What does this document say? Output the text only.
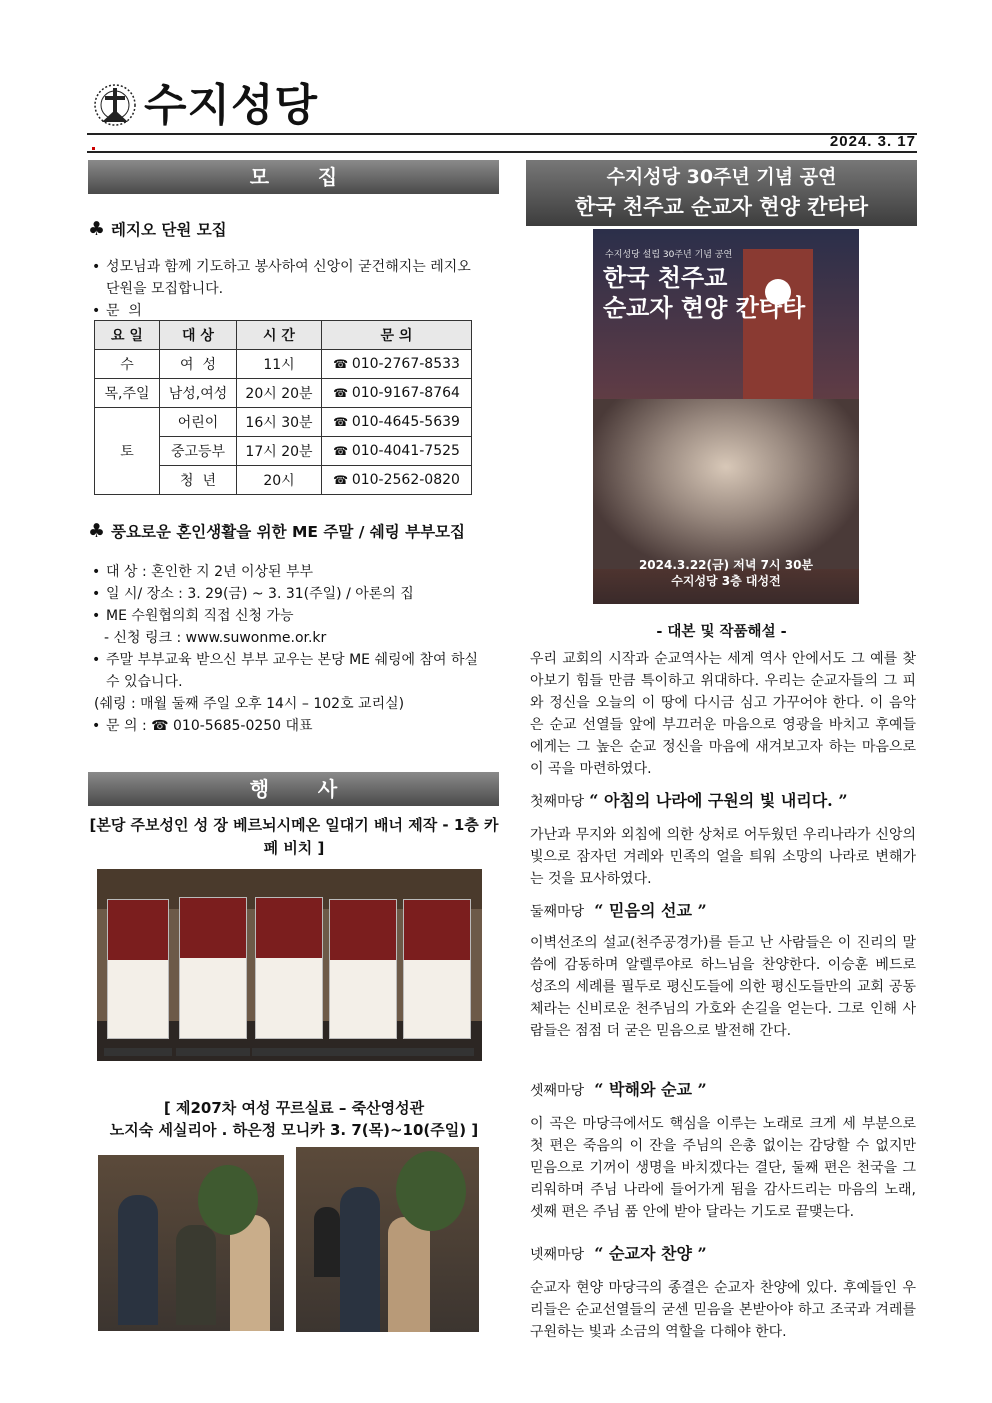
수지성당
2024. 3. 17
모       집
♣ 레지오 단원 모집
• 성모님과 함께 기도하고 봉사하여 신앙이 굳건해지는 레지오 단원을 모집합니다.
• 문  의
요 일	대 상	시 간	문 의
수	여  성	11시	☎ 010-2767-8533
목,주일	남성,여성	20시 20분	☎ 010-9167-8764
토	어린이	16시 30분	☎ 010-4645-5639
	중고등부	17시 20분	☎ 010-4041-7525
	청  년	20시	☎ 010-2562-0820
♣ 풍요로운 혼인생활을 위한 ME 주말 / 쉐링 부부모집
• 대 상 : 혼인한 지 2년 이상된 부부
• 일 시/ 장소 : 3. 29(금) ~ 3. 31(주일) / 아론의 집
• ME 수원협의회 직접 신청 가능
- 신청 링크 : www.suwonme.or.kr
• 주말 부부교육 받으신 부부 교우는 본당 ME 쉐링에 참여 하실 수 있습니다.
(쉐링 : 매월 둘째 주일 오후 14시 – 102호 교리실)
• 문 의 : ☎ 010-5685-0250 대표
행       사
[본당 주보성인 성 장 베르뇌시메온 일대기 배너 제작 - 1층 카페 비치 ]
[ 제207차 여성 꾸르실료 – 죽산영성관
노지숙 세실리아 . 하은정 모니카 3. 7(목)~10(주일) ]
수지성당 30주년 기념 공연
한국 천주교 순교자 현양 칸타타
수지성당 설립 30주년 기념 공연
한국 천주교
순교자 현양 칸타타
2024.3.22(금) 저녁 7시 30분
수지성당 3층 대성전
- 대본 및 작품해설 -
우리 교회의 시작과 순교역사는 세계 역사 안에서도 그 예를 찾아보기 힘들 만큼 특이하고 위대하다. 우리는 순교자들의 그 피와 정신을 오늘의 이 땅에 다시금 심고 가꾸어야 한다. 이 음악은 순교 선열들 앞에 부끄러운 마음으로 영광을 바치고 후예들에게는 그 높은 순교 정신을 마음에 새겨보고자 하는 마음으로 이 곡을 마련하였다.
첫째마당 “ 아침의 나라에 구원의 빛 내리다. ”
가난과 무지와 외침에 의한 상처로 어두웠던 우리나라가 신앙의 빛으로 잠자던 겨레와 민족의 얼을 틔워 소망의 나라로 변해가는 것을 묘사하였다.
둘째마당 “ 믿음의 선교 ”
이벽선조의 설교(천주공경가)를 듣고 난 사람들은 이 진리의 말씀에 감동하며 알렐루야로 하느님을 찬양한다. 이승훈 베드로 성조의 세례를 필두로 평신도들에 의한 평신도들만의 교회 공동체라는 신비로운 천주님의 가호와 손길을 얻는다. 그로 인해 사람들은 점점 더 굳은 믿음으로 발전해 간다.
셋째마당 “ 박해와 순교 ”
이 곡은 마당극에서도 핵심을 이루는 노래로 크게 세 부분으로 첫 편은 죽음의 이 잔을 주님의 은총 없이는 감당할 수 없지만 믿음으로 기꺼이 생명을 바치겠다는 결단, 둘째 편은 천국을 그리워하며 주님 나라에 들어가게 됨을 감사드리는 마음의 노래, 셋째 편은 주님 품 안에 받아 달라는 기도로 끝맺는다.
넷째마당 “ 순교자 찬양 ”
순교자 현양 마당극의 종결은 순교자 찬양에 있다. 후예들인 우리들은 순교선열들의 굳센 믿음을 본받아야 하고 조국과 겨레를 구원하는 빛과 소금의 역할을 다해야 한다.
